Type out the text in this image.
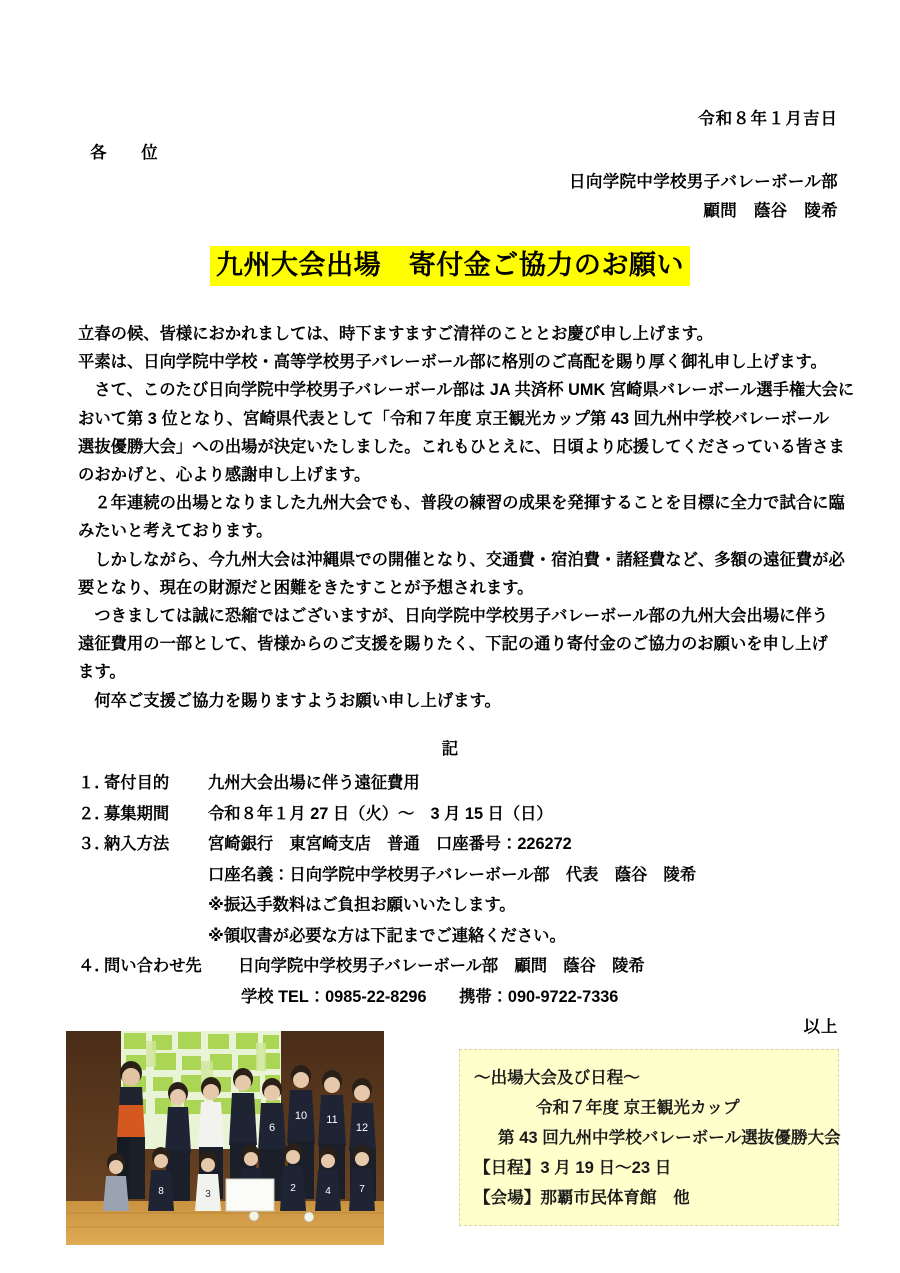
令和８年１月吉日
各　位
日向学院中学校男子バレーボール部
顧問　蔭谷　陵希
九州大会出場　寄付金ご協力のお願い
立春の候、皆様におかれましては、時下ますますご清祥のこととお慶び申し上げます。
平素は、日向学院中学校・高等学校男子バレーボール部に格別のご高配を賜り厚く御礼申し上げます。
　さて、このたび日向学院中学校男子バレーボール部は JA 共済杯 UMK 宮崎県バレーボール選手権大会に
おいて第 3 位となり、宮崎県代表として「令和７年度 京王観光カップ第 43 回九州中学校バレーボール
選抜優勝大会」への出場が決定いたしました。これもひとえに、日頃より応援してくださっている皆さま
のおかげと、心より感謝申し上げます。
　２年連続の出場となりました九州大会でも、普段の練習の成果を発揮することを目標に全力で試合に臨
みたいと考えております。
　しかしながら、今九州大会は沖縄県での開催となり、交通費・宿泊費・諸経費など、多額の遠征費が必
要となり、現在の財源だと困難をきたすことが予想されます。
　つきましては誠に恐縮ではございますが、日向学院中学校男子バレーボール部の九州大会出場に伴う
遠征費用の一部として、皆様からのご支援を賜りたく、下記の通り寄付金のご協力のお願いを申し上げ
ます。
　何卒ご支援ご協力を賜りますようお願い申し上げます。
記
１．
寄付目的	九州大会出場に伴う遠征費用
２．
募集期間	令和８年１月 27 日（火）～　3 月 15 日（日）
３．
納入方法	宮崎銀行　東宮崎支店　普通　口座番号：226272
口座名義：日向学院中学校男子バレーボール部　代表　蔭谷　陵希
※振込手数料はご負担お願いいたします。
※領収書が必要な方は下記までご連絡ください。
４．
問い合わせ先	日向学院中学校男子バレーボール部　顧問　蔭谷　陵希
学校 TEL：0985-22-8296　　携帯：090-9722-7336
以上
6
10 11
12
8	3
2	4	7
～出場大会及び日程～
令和７年度 京王観光カップ
第 43 回九州中学校バレーボール選抜優勝大会
【日程】3 月 19 日～23 日
【会場】那覇市民体育館　他
